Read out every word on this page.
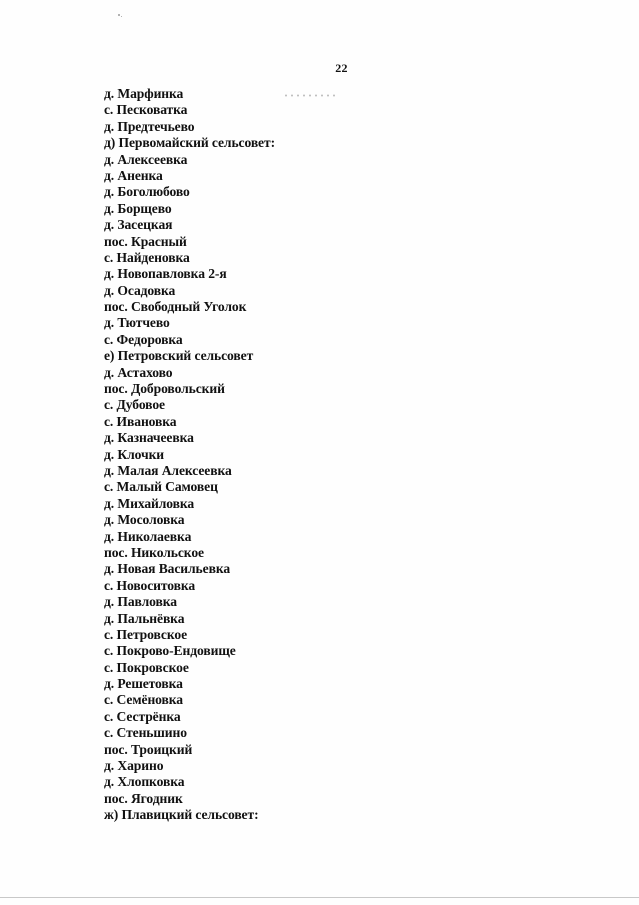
22
д. Марфинка
с. Песковатка
д. Предтечьево
д) Первомайский сельсовет:
д. Алексеевка
д. Аненка
д. Боголюбово
д. Борщево
д. Засецкая
пос. Красный
с. Найденовка
д. Новопавловка 2-я
д. Осадовка
пос. Свободный Уголок
д. Тютчево
с. Федоровка
е) Петровский сельсовет
д. Астахово
пос. Добровольский
с. Дубовое
с. Ивановка
д. Казначеевка
д. Клочки
д. Малая Алексеевка
с. Малый Самовец
д. Михайловка
д. Мосоловка
д. Николаевка
пос. Никольское
д. Новая Васильевка
с. Новоситовка
д. Павловка
д. Пальнёвка
с. Петровское
с. Покрово-Ендовище
с. Покровское
д. Решетовка
с. Семёновка
с. Сестрёнка
с. Стеньшино
пос. Троицкий
д. Харино
д. Хлопковка
пос. Ягодник
ж) Плавицкий сельсовет:
